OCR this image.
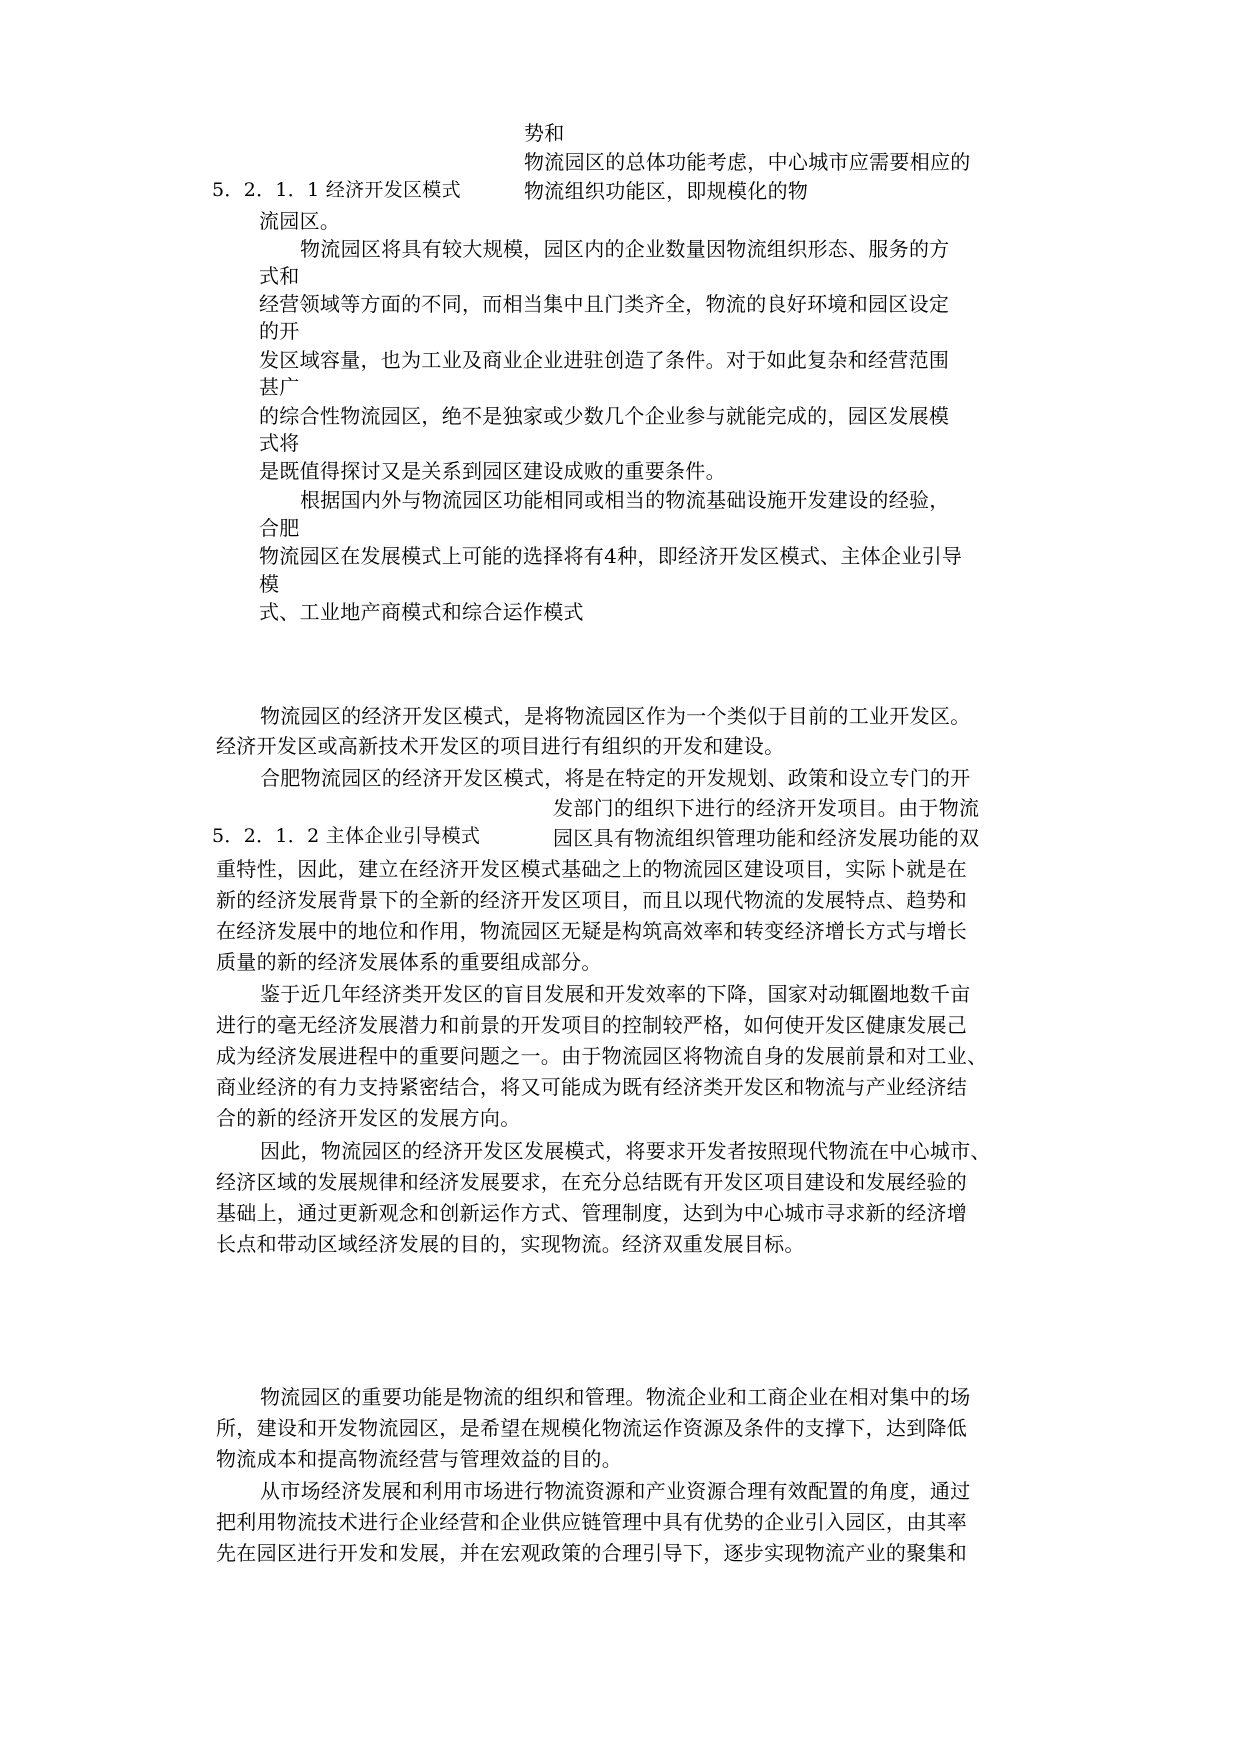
势和
物流园区的总体功能考虑，中心城市应需要相应的
物流组织功能区，即规模化的物
5．2．1．1 经济开发区模式
流园区。
物流园区将具有较大规模，园区内的企业数量因物流组织形态、服务的方
式和
经营领域等方面的不同，而相当集中且门类齐全，物流的良好环境和园区设定
的开
发区域容量，也为工业及商业企业进驻创造了条件。对于如此复杂和经营范围
甚广
的综合性物流园区，绝不是独家或少数几个企业参与就能完成的，园区发展模
式将
是既值得探讨又是关系到园区建设成败的重要条件。
根据国内外与物流园区功能相同或相当的物流基础设施开发建设的经验，
合肥
物流园区在发展模式上可能的选择将有4种，即经济开发区模式、主体企业引导
模
式、工业地产商模式和综合运作模式
物流园区的经济开发区模式，是将物流园区作为一个类似于目前的工业开发区。
经济开发区或高新技术开发区的项目进行有组织的开发和建设。
合肥物流园区的经济开发区模式，将是在特定的开发规划、政策和设立专门的开
发部门的组织下进行的经济开发项目。由于物流
园区具有物流组织管理功能和经济发展功能的双
5．2．1．2 主体企业引导模式
重特性，因此，建立在经济开发区模式基础之上的物流园区建设项目，实际卜就是在
新的经济发展背景下的全新的经济开发区项目，而且以现代物流的发展特点、趋势和
在经济发展中的地位和作用，物流园区无疑是构筑高效率和转变经济增长方式与增长
质量的新的经济发展体系的重要组成部分。
鉴于近几年经济类开发区的盲目发展和开发效率的下降，国家对动辄圈地数千亩
进行的毫无经济发展潜力和前景的开发项目的控制较严格，如何使开发区健康发展己
成为经济发展进程中的重要问题之一。由于物流园区将物流自身的发展前景和对工业、
商业经济的有力支持紧密结合，将又可能成为既有经济类开发区和物流与产业经济结
合的新的经济开发区的发展方向。
因此，物流园区的经济开发区发展模式，将要求开发者按照现代物流在中心城市、
经济区域的发展规律和经济发展要求，在充分总结既有开发区项目建设和发展经验的
基础上，通过更新观念和创新运作方式、管理制度，达到为中心城市寻求新的经济增
长点和带动区域经济发展的目的，实现物流。经济双重发展目标。
物流园区的重要功能是物流的组织和管理。物流企业和工商企业在相对集中的场
所，建设和开发物流园区，是希望在规模化物流运作资源及条件的支撑下，达到降低
物流成本和提高物流经营与管理效益的目的。
从市场经济发展和利用市场进行物流资源和产业资源合理有效配置的角度，通过
把利用物流技术进行企业经营和企业供应链管理中具有优势的企业引入园区，由其率
先在园区进行开发和发展，并在宏观政策的合理引导下，逐步实现物流产业的聚集和
